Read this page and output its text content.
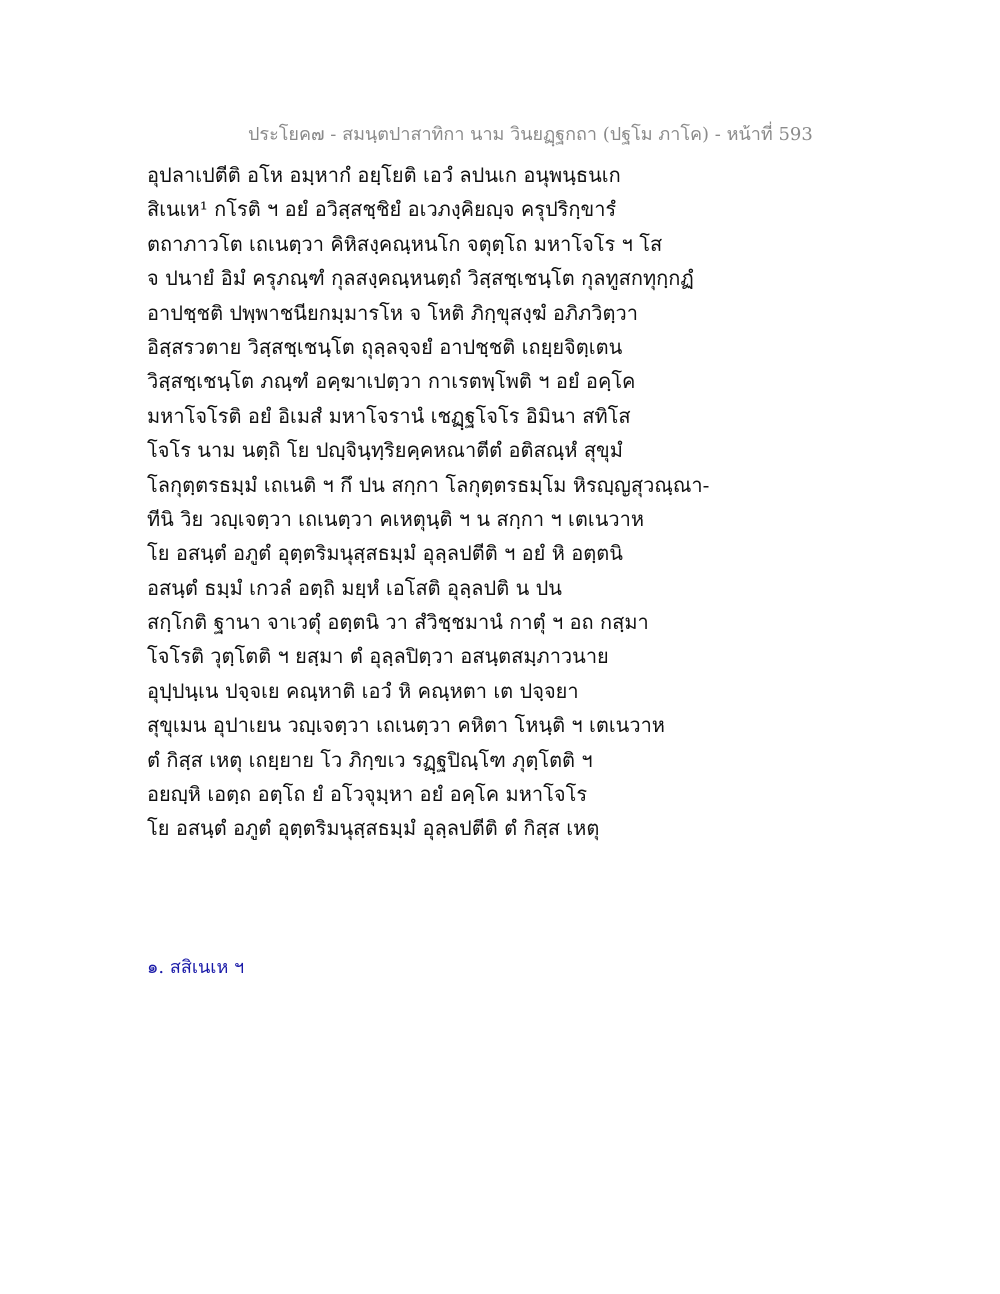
ประโยค๗ - สมนฺตปาสาทิกา นาม วินยฏฺฐกถา (ปฐโม ภาโค) - หน้าที่ 593
อุปลาเปตีติ อโห อมฺหากํ อยฺโยติ เอวํ ลปนเก อนุพนฺธนเก
สิเนเห¹ กโรติ ฯ อยํ อวิสฺสชฺชิยํ อเวภงฺคิยญฺจ ครุปริกฺขารํ
ตถาภาวโต เถเนตฺวา คิหิสงฺคณฺหนโก จตุตฺโถ มหาโจโร ฯ โส
จ ปนายํ อิมํ ครุภณฺฑํ กุลสงฺคณฺหนตฺถํ วิสฺสชฺเชนฺโต กุลทูสกทุกฺกฏํ
อาปชฺชติ ปพฺพาชนียกมฺมารโห จ โหติ ภิกฺขุสงฺฆํ อภิภวิตฺวา
อิสฺสรวตาย วิสฺสชฺเชนฺโต ถุลฺลจฺจยํ อาปชฺชติ เถยฺยจิตฺเตน
วิสฺสชฺเชนฺโต ภณฺฑํ อคฺฆาเปตฺวา กาเรตพฺโพติ ฯ อยํ อคฺโค
มหาโจโรติ อยํ อิเมสํ มหาโจรานํ เชฏฺฐโจโร อิมินา สทิโส
โจโร นาม นตฺถิ โย ปญฺจินฺทฺริยคฺคหณาตีตํ อติสณฺหํ สุขุมํ
โลกุตฺตรธมฺมํ เถเนติ ฯ กึ ปน สกฺกา โลกุตฺตรธมฺโม หิรญฺญสุวณฺณา-
ทีนิ วิย วญฺเจตฺวา เถเนตฺวา คเหตุนฺติ ฯ น สกฺกา ฯ เตเนวาห
โย อสนฺตํ อภูตํ อุตฺตริมนุสฺสธมฺมํ อุลฺลปตีติ ฯ อยํ หิ อตฺตนิ
อสนฺตํ ธมฺมํ เกวลํ อตฺถิ มยฺหํ เอโสติ อุลฺลปติ น ปน
สกฺโกติ ฐานา จาเวตุํ อตฺตนิ วา สํวิชฺชมานํ กาตุํ ฯ อถ กสฺมา
โจโรติ วุตฺโตติ ฯ ยสฺมา ตํ อุลฺลปิตฺวา อสนฺตสมฺภาวนาย
อุปฺปนฺเน ปจฺจเย คณฺหาติ เอวํ หิ คณฺหตา เต ปจฺจยา
สุขุเมน อุปาเยน วญฺเจตฺวา เถเนตฺวา คหิตา โหนฺติ ฯ เตเนวาห
ตํ กิสฺส เหตุ เถยฺยาย โว ภิกฺขเว รฏฺฐปิณฺโฑ ภุตฺโตติ ฯ
อยญฺหิ เอตฺถ อตฺโถ ยํ อโวจุมฺหา อยํ อคฺโค มหาโจโร
โย อสนฺตํ อภูตํ อุตฺตริมนุสฺสธมฺมํ อุลฺลปตีติ ตํ กิสฺส เหตุ
๑. สสิเนเห ฯ
